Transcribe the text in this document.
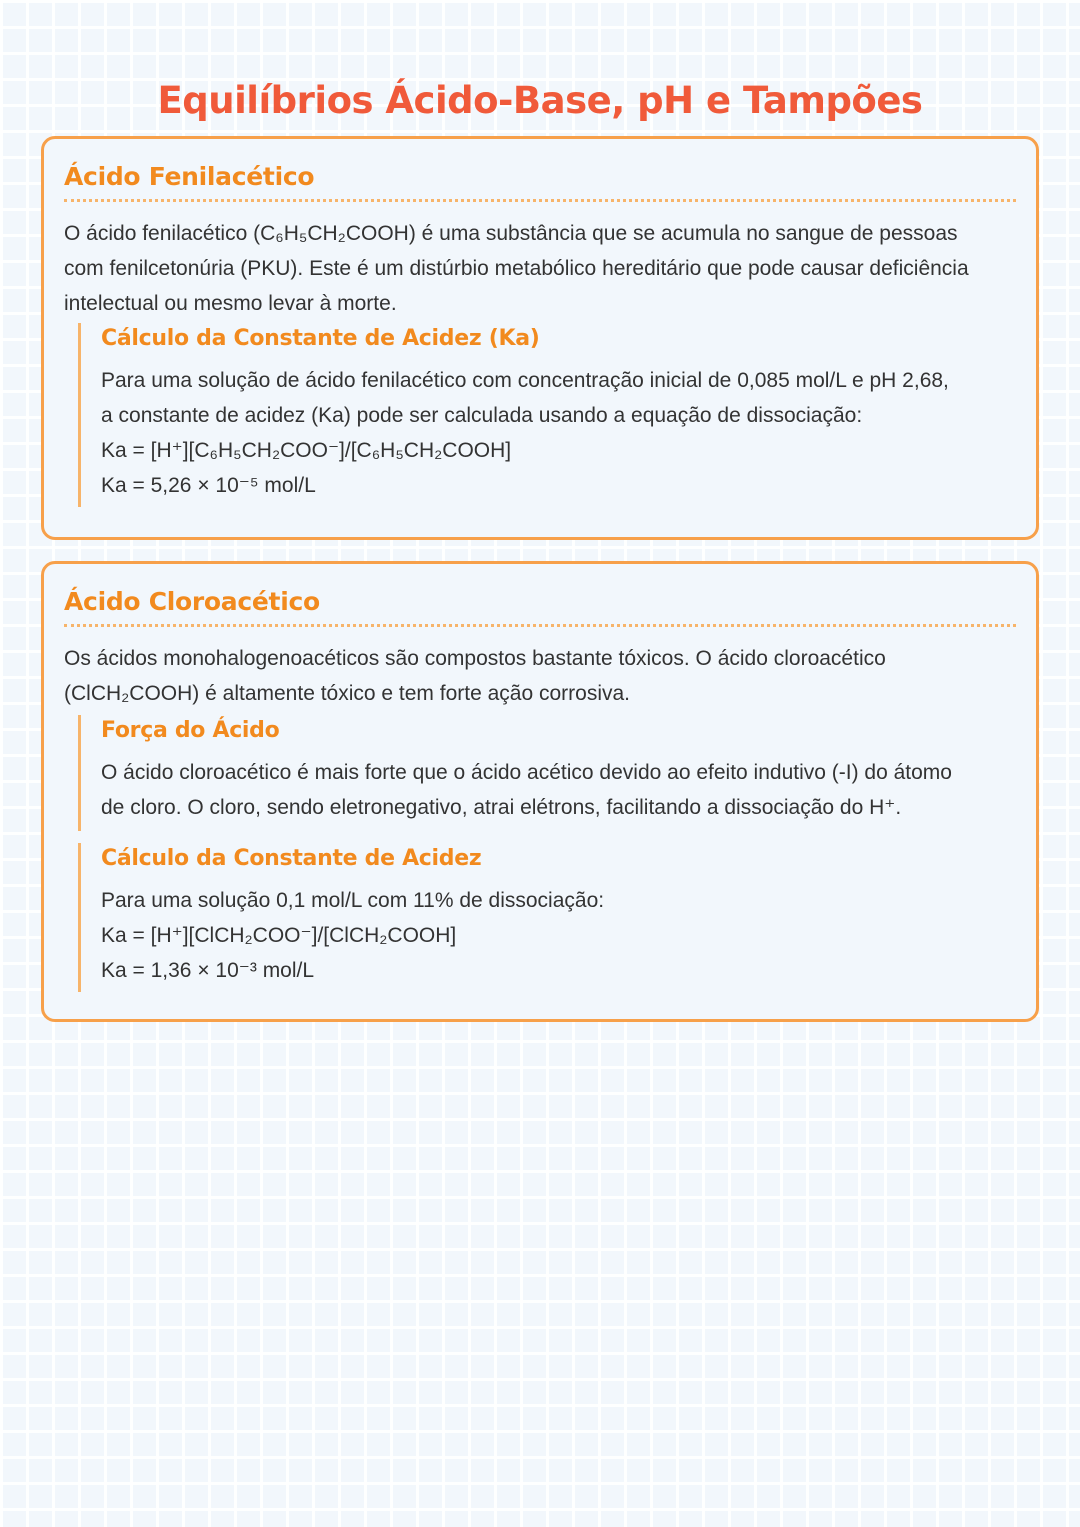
Equilíbrios Ácido-Base, pH e Tampões
Ácido Fenilacético

O ácido fenilacético (C₆H₅CH₂COOH) é uma substância que se acumula no sangue de pessoas
com fenilcetonúria (PKU). Este é um distúrbio metabólico hereditário que pode causar deficiência
intelectual ou mesmo levar à morte.

Cálculo da Constante de Acidez (Ka)

Para uma solução de ácido fenilacético com concentração inicial de 0,085 mol/L e pH 2,68,
a constante de acidez (Ka) pode ser calculada usando a equação de dissociação:
Ka = [H⁺][C₆H₅CH₂COO⁻]/[C₆H₅CH₂COOH]
Ka = 5,26 × 10⁻⁵ mol/L

Ácido Cloroacético

Os ácidos monohalogenoacéticos são compostos bastante tóxicos. O ácido cloroacético
(ClCH₂COOH) é altamente tóxico e tem forte ação corrosiva.

Força do Ácido

O ácido cloroacético é mais forte que o ácido acético devido ao efeito indutivo (-I) do átomo
de cloro. O cloro, sendo eletronegativo, atrai elétrons, facilitando a dissociação do H⁺.

Cálculo da Constante de Acidez

Para uma solução 0,1 mol/L com 11% de dissociação:
Ka = [H⁺][ClCH₂COO⁻]/[ClCH₂COOH]
Ka = 1,36 × 10⁻³ mol/L
